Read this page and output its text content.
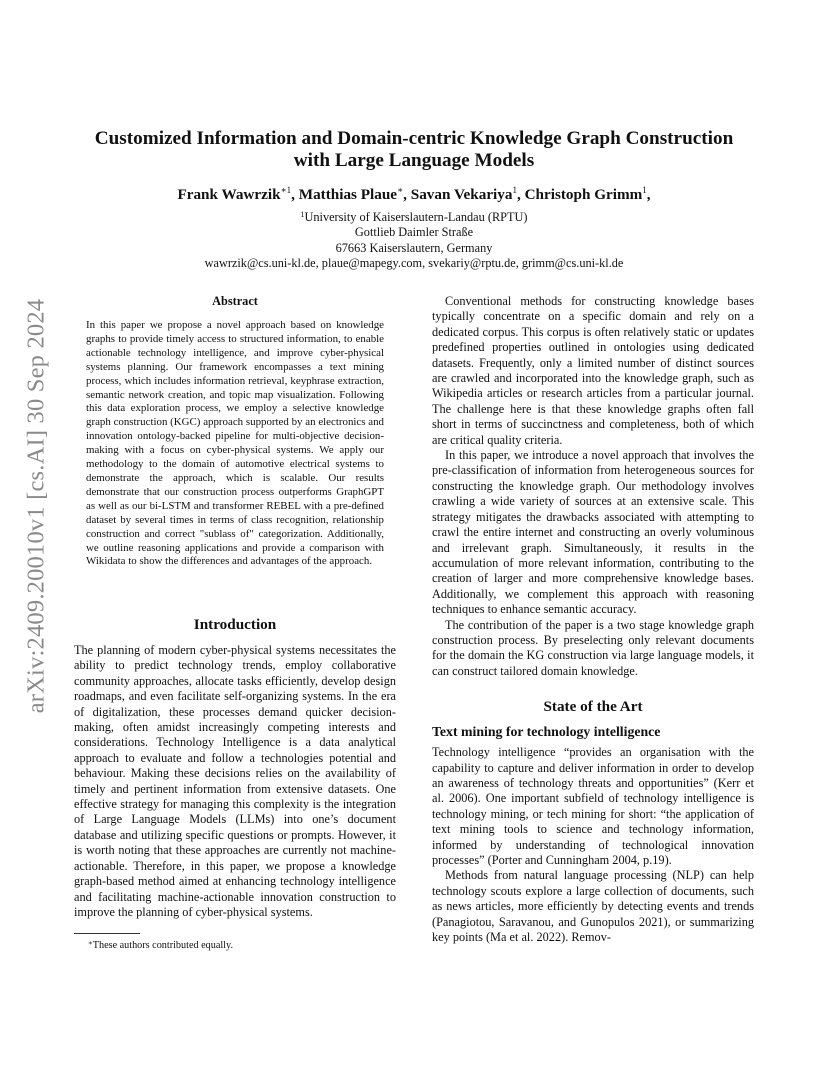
arXiv:2409.20010v1 [cs.AI] 30 Sep 2024
Customized Information and Domain-centric Knowledge Graph Construction
with Large Language Models
Frank Wawrzik$^{∗1}$, Matthias Plaue∗, Savan Vekariya$^1$, Christoph Grimm$^1$,
$^1$University of Kaiserslautern-Landau (RPTU)
Gottlieb Daimler Straße
67663 Kaiserslautern, Germany
wawrzik@cs.uni-kl.de, plaue@mapegy.com, svekariy@rptu.de, grimm@cs.uni-kl.de
Abstract

In this paper we propose a novel approach based on knowledge graphs to provide timely access to structured information, to enable actionable technology intelligence, and improve cyber-physical systems planning. Our framework encompasses a text mining process, which includes information retrieval, keyphrase extraction, semantic network creation, and topic map visualization. Following this data exploration process, we employ a selective knowledge graph construction (KGC) approach supported by an electronics and innovation ontology-backed pipeline for multi-objective decision-making with a focus on cyber-physical systems. We apply our methodology to the domain of automotive electrical systems to demonstrate the approach, which is scalable. Our results demonstrate that our construction process outperforms GraphGPT as well as our bi-LSTM and transformer REBEL with a pre-defined dataset by several times in terms of class recognition, relationship construction and correct "sublass of" categorization. Additionally, we outline reasoning applications and provide a comparison with Wikidata to show the differences and advantages of the approach.

Introduction

The planning of modern cyber-physical systems necessitates the ability to predict technology trends, employ collaborative community approaches, allocate tasks efficiently, develop design roadmaps, and even facilitate self-organizing systems. In the era of digitalization, these processes demand quicker decision-making, often amidst increasingly competing interests and considerations. Technology Intelligence is a data analytical approach to evaluate and follow a technologies potential and behaviour. Making these decisions relies on the availability of timely and pertinent information from extensive datasets. One effective strategy for managing this complexity is the integration of Large Language Models (LLMs) into one’s document database and utilizing specific questions or prompts. However, it is worth noting that these approaches are currently not machine-actionable. Therefore, in this paper, we propose a knowledge graph-based method aimed at enhancing technology intelligence and facilitating machine-actionable innovation construction to improve the planning of cyber-physical systems.

∗These authors contributed equally.

Conventional methods for constructing knowledge bases typically concentrate on a specific domain and rely on a dedicated corpus. This corpus is often relatively static or updates predefined properties outlined in ontologies using dedicated datasets. Frequently, only a limited number of distinct sources are crawled and incorporated into the knowledge graph, such as Wikipedia articles or research articles from a particular journal. The challenge here is that these knowledge graphs often fall short in terms of succinctness and completeness, both of which are critical quality criteria.

In this paper, we introduce a novel approach that involves the pre-classification of information from heterogeneous sources for constructing the knowledge graph. Our methodology involves crawling a wide variety of sources at an extensive scale. This strategy mitigates the drawbacks associated with attempting to crawl the entire internet and constructing an overly voluminous and irrelevant graph. Simultaneously, it results in the accumulation of more relevant information, contributing to the creation of larger and more comprehensive knowledge bases. Additionally, we complement this approach with reasoning techniques to enhance semantic accuracy.

The contribution of the paper is a two stage knowledge graph construction process. By preselecting only relevant documents for the domain the KG construction via large language models, it can construct tailored domain knowledge.

State of the Art
Text mining for technology intelligence

Technology intelligence “provides an organisation with the capability to capture and deliver information in order to develop an awareness of technology threats and opportunities” (Kerr et al. 2006). One important subfield of technology intelligence is technology mining, or tech mining for short: “the application of text mining tools to science and technology information, informed by understanding of technological innovation processes” (Porter and Cunningham 2004, p.19).

Methods from natural language processing (NLP) can help technology scouts explore a large collection of documents, such as news articles, more efficiently by detecting events and trends (Panagiotou, Saravanou, and Gunopulos 2021), or summarizing key points (Ma et al. 2022). Remov-
